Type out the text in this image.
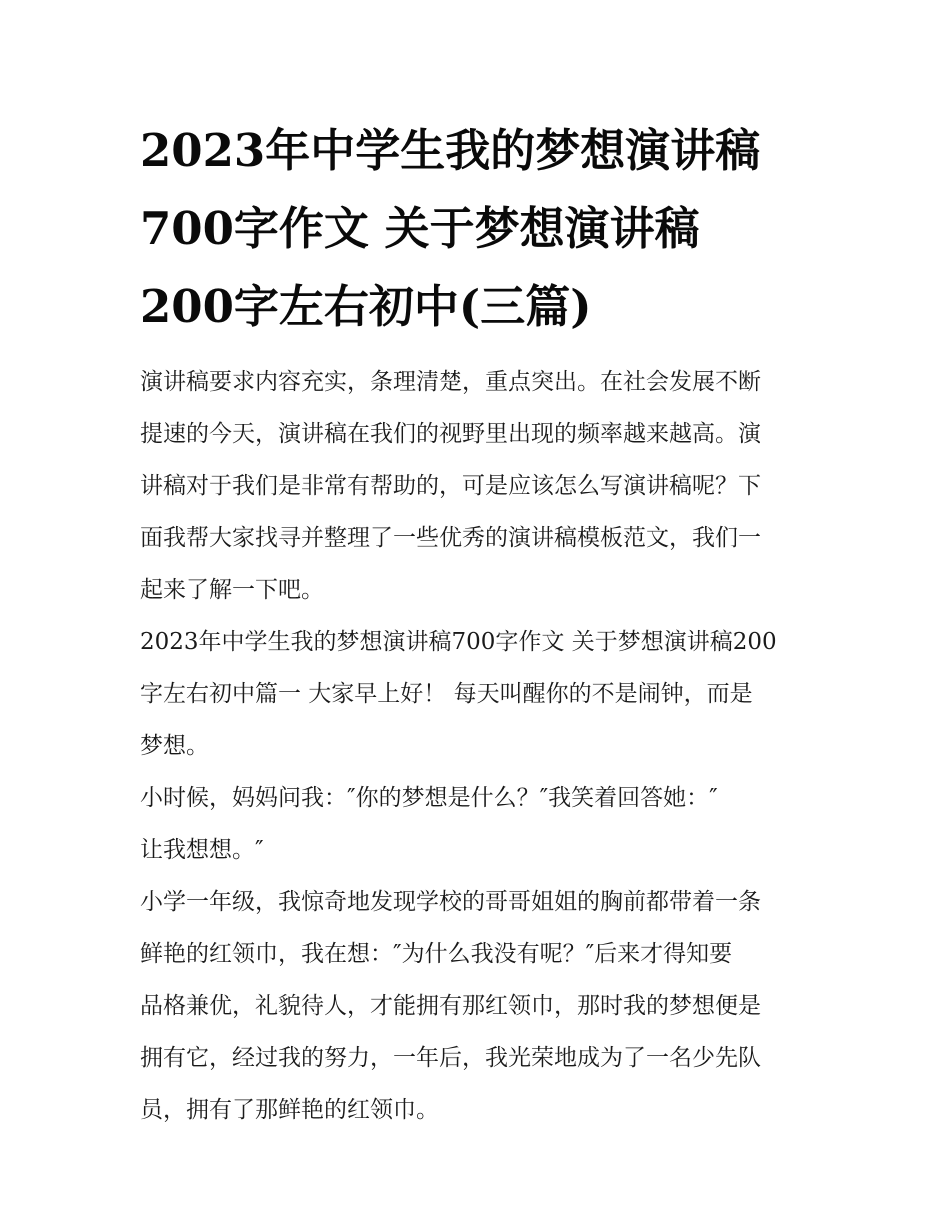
2023年中学生我的梦想演讲稿
700字作文 关于梦想演讲稿
200字左右初中(三篇)

演讲稿要求内容充实，条理清楚，重点突出。在社会发展不断
提速的今天，演讲稿在我们的视野里出现的频率越来越高。演
讲稿对于我们是非常有帮助的，可是应该怎么写演讲稿呢？下
面我帮大家找寻并整理了一些优秀的演讲稿模板范文，我们一
起来了解一下吧。

2023年中学生我的梦想演讲稿700字作文 关于梦想演讲稿200
字左右初中篇一 大家早上好！ 每天叫醒你的不是闹钟，而是
梦想。

小时候，妈妈问我：″你的梦想是什么？″我笑着回答她：″
让我想想。″

小学一年级，我惊奇地发现学校的哥哥姐姐的胸前都带着一条
鲜艳的红领巾，我在想：″为什么我没有呢？″后来才得知要
品格兼优，礼貌待人，才能拥有那红领巾，那时我的梦想便是
拥有它，经过我的努力，一年后，我光荣地成为了一名少先队
员，拥有了那鲜艳的红领巾。
